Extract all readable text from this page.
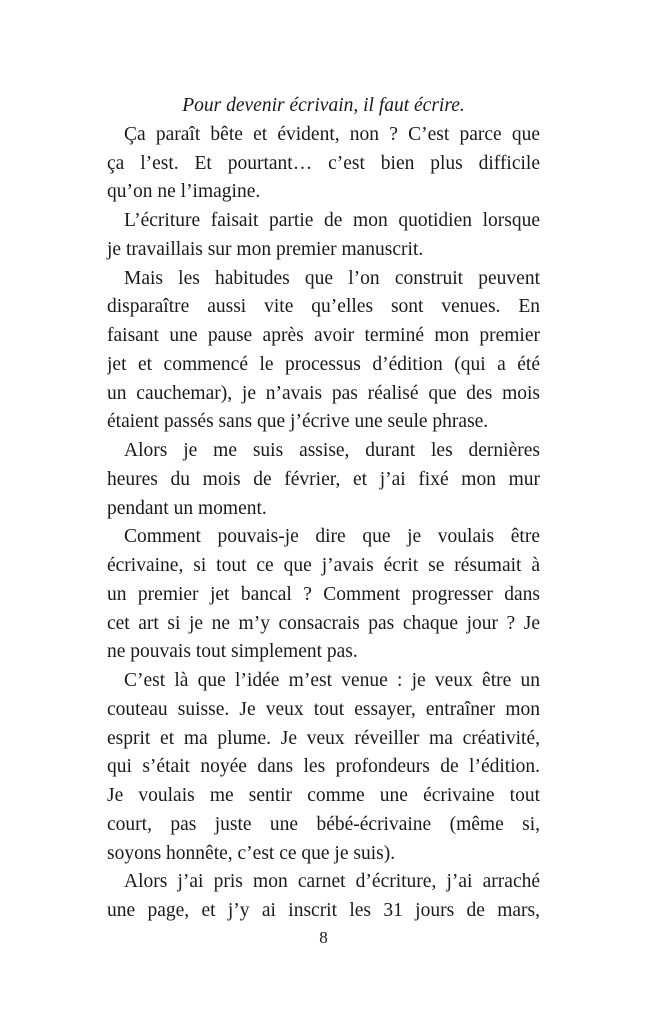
Pour devenir écrivain, il faut écrire.
Ça paraît bête et évident, non ? C’est parce que
ça l’est. Et pourtant… c’est bien plus difficile
qu’on ne l’imagine.
L’écriture faisait partie de mon quotidien lorsque
je travaillais sur mon premier manuscrit.
Mais les habitudes que l’on construit peuvent
disparaître aussi vite qu’elles sont venues. En
faisant une pause après avoir terminé mon premier
jet et commencé le processus d’édition (qui a été
un cauchemar), je n’avais pas réalisé que des mois
étaient passés sans que j’écrive une seule phrase.
Alors je me suis assise, durant les dernières
heures du mois de février, et j’ai fixé mon mur
pendant un moment.
Comment pouvais-je dire que je voulais être
écrivaine, si tout ce que j’avais écrit se résumait à
un premier jet bancal ? Comment progresser dans
cet art si je ne m’y consacrais pas chaque jour ? Je
ne pouvais tout simplement pas.
C’est là que l’idée m’est venue : je veux être un
couteau suisse. Je veux tout essayer, entraîner mon
esprit et ma plume. Je veux réveiller ma créativité,
qui s’était noyée dans les profondeurs de l’édition.
Je voulais me sentir comme une écrivaine tout
court, pas juste une bébé-écrivaine (même si,
soyons honnête, c’est ce que je suis).
Alors j’ai pris mon carnet d’écriture, j’ai arraché
une page, et j’y ai inscrit les 31 jours de mars,
8
